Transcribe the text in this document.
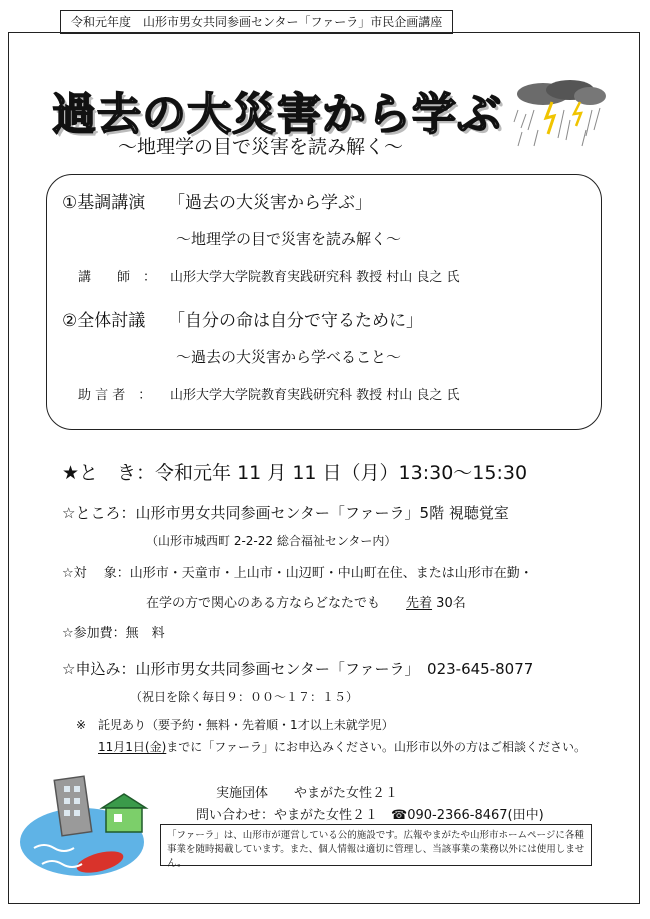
令和元年度　山形市男女共同参画センター「ファーラ」市民企画講座
過去の大災害から学ぶ
～地理学の目で災害を読み解く～
①基調講演 「過去の大災害から学ぶ」
～地理学の目で災害を読み解く～
講　　師　： 山形大学大学院教育実践研究科 教授 村山 良之 氏
②全体討議 「自分の命は自分で守るために」
～過去の大災害から学べること～
助 言 者　： 山形大学大学院教育実践研究科 教授 村山 良之 氏
★と　き：令和元年 11 月 11 日（月）13:30～15:30
☆ところ：山形市男女共同参画センター「ファーラ」5階 視聴覚室
（山形市城西町 2-2-22 総合福祉センター内）
☆対　 象：山形市・天童市・上山市・山辺町・中山町在住、または山形市在勤・
在学の方で関心のある方ならどなたでも　　 先着 30名
☆参加費：無　料
☆申込み：山形市男女共同参画センター「ファーラ」　023-645-8077
（祝日を除く毎日９：００～１７：１５）
※　託児あり（要予約・無料・先着順・1才以上未就学児）
11月1日(金)までに「ファーラ」にお申込みください。山形市以外の方はご相談ください。
実施団体　　やまがた女性２１
問い合わせ：やまがた女性２１　☎090-2366-8467(田中)
「ファーラ」は、山形市が運営している公的施設です。広報やまがたや山形市ホームページに各種事業を随時掲載しています。また、個人情報は適切に管理し、当該事業の業務以外には使用しません。
